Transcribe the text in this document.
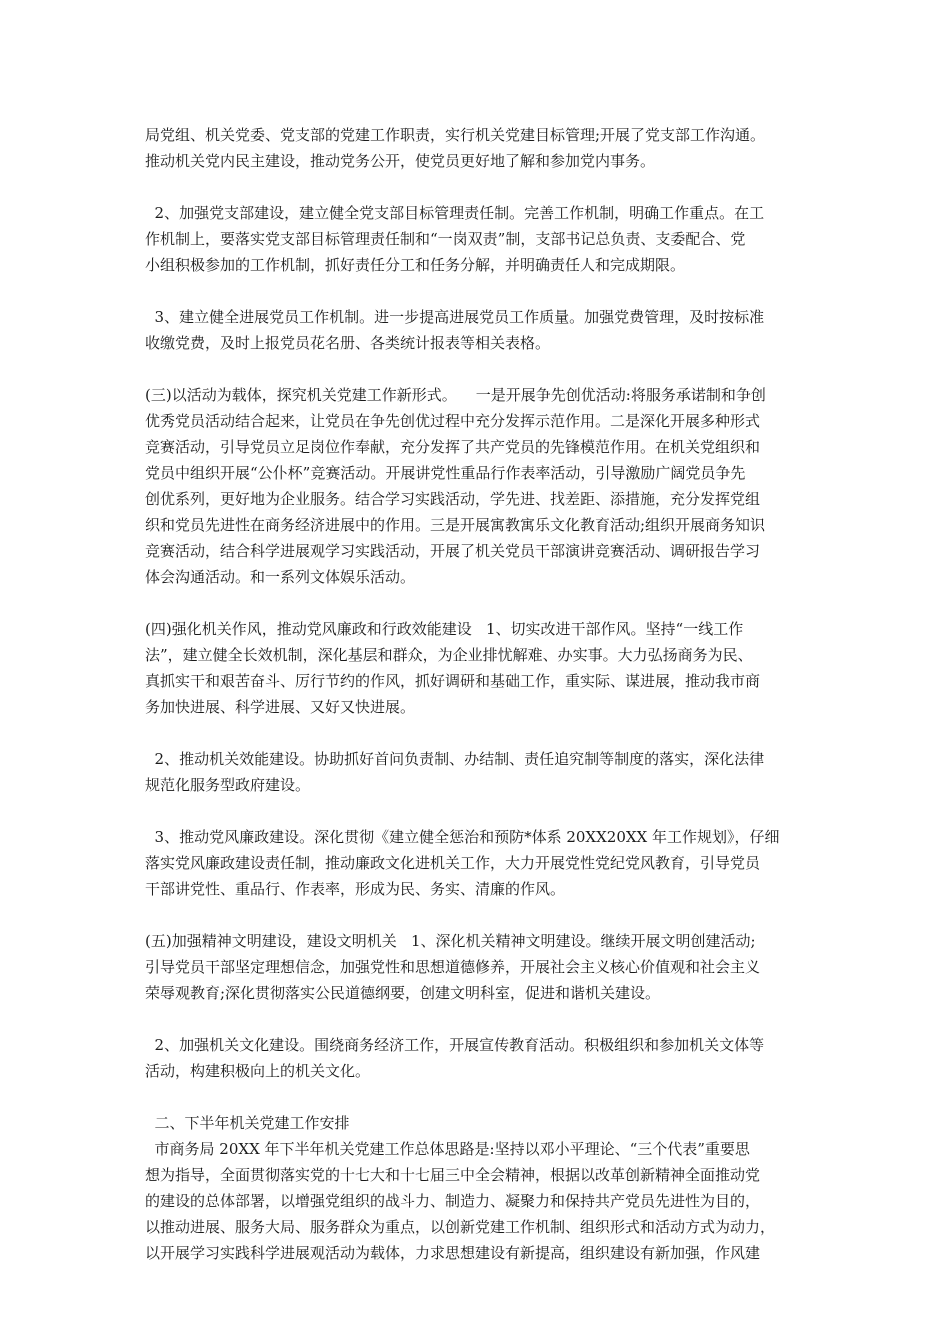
局党组、机关党委、党支部的党建工作职责，实行机关党建目标管理;开展了党支部工作沟通。
推动机关党内民主建设，推动党务公开，使党员更好地了解和参加党内事务。

2、加强党支部建设，建立健全党支部目标管理责任制。完善工作机制，明确工作重点。在工
作机制上，要落实党支部目标管理责任制和“一岗双责”制，支部书记总负责、支委配合、党
小组积极参加的工作机制，抓好责任分工和任务分解，并明确责任人和完成期限。

3、建立健全进展党员工作机制。进一步提高进展党员工作质量。加强党费管理，及时按标准
收缴党费，及时上报党员花名册、各类统计报表等相关表格。

(三)以活动为载体，探究机关党建工作新形式。    一是开展争先创优活动:将服务承诺制和争创
优秀党员活动结合起来，让党员在争先创优过程中充分发挥示范作用。二是深化开展多种形式
竞赛活动，引导党员立足岗位作奉献，充分发挥了共产党员的先锋模范作用。在机关党组织和
党员中组织开展“公仆杯”竞赛活动。开展讲党性重品行作表率活动，引导激励广阔党员争先
创优系列，更好地为企业服务。结合学习实践活动，学先进、找差距、添措施，充分发挥党组
织和党员先进性在商务经济进展中的作用。三是开展寓教寓乐文化教育活动;组织开展商务知识
竞赛活动，结合科学进展观学习实践活动，开展了机关党员干部演讲竞赛活动、调研报告学习
体会沟通活动。和一系列文体娱乐活动。

(四)强化机关作风，推动党风廉政和行政效能建设   1、切实改进干部作风。坚持“一线工作
法”，建立健全长效机制，深化基层和群众，为企业排忧解难、办实事。大力弘扬商务为民、
真抓实干和艰苦奋斗、厉行节约的作风，抓好调研和基础工作，重实际、谋进展，推动我市商
务加快进展、科学进展、又好又快进展。

2、推动机关效能建设。协助抓好首问负责制、办结制、责任追究制等制度的落实，深化法律
规范化服务型政府建设。

3、推动党风廉政建设。深化贯彻《建立健全惩治和预防*体系 20XX20XX 年工作规划》，仔细
落实党风廉政建设责任制，推动廉政文化进机关工作，大力开展党性党纪党风教育，引导党员
干部讲党性、重品行、作表率，形成为民、务实、清廉的作风。

(五)加强精神文明建设，建设文明机关   1、深化机关精神文明建设。继续开展文明创建活动;
引导党员干部坚定理想信念，加强党性和思想道德修养，开展社会主义核心价值观和社会主义
荣辱观教育;深化贯彻落实公民道德纲要，创建文明科室，促进和谐机关建设。

2、加强机关文化建设。围绕商务经济工作，开展宣传教育活动。积极组织和参加机关文体等
活动，构建积极向上的机关文化。

二、下半年机关党建工作安排
市商务局 20XX 年下半年机关党建工作总体思路是:坚持以邓小平理论、“三个代表”重要思
想为指导，全面贯彻落实党的十七大和十七届三中全会精神，根据以改革创新精神全面推动党
的建设的总体部署，以增强党组织的战斗力、制造力、凝聚力和保持共产党员先进性为目的，
以推动进展、服务大局、服务群众为重点，以创新党建工作机制、组织形式和活动方式为动力，
以开展学习实践科学进展观活动为载体，力求思想建设有新提高，组织建设有新加强，作风建
